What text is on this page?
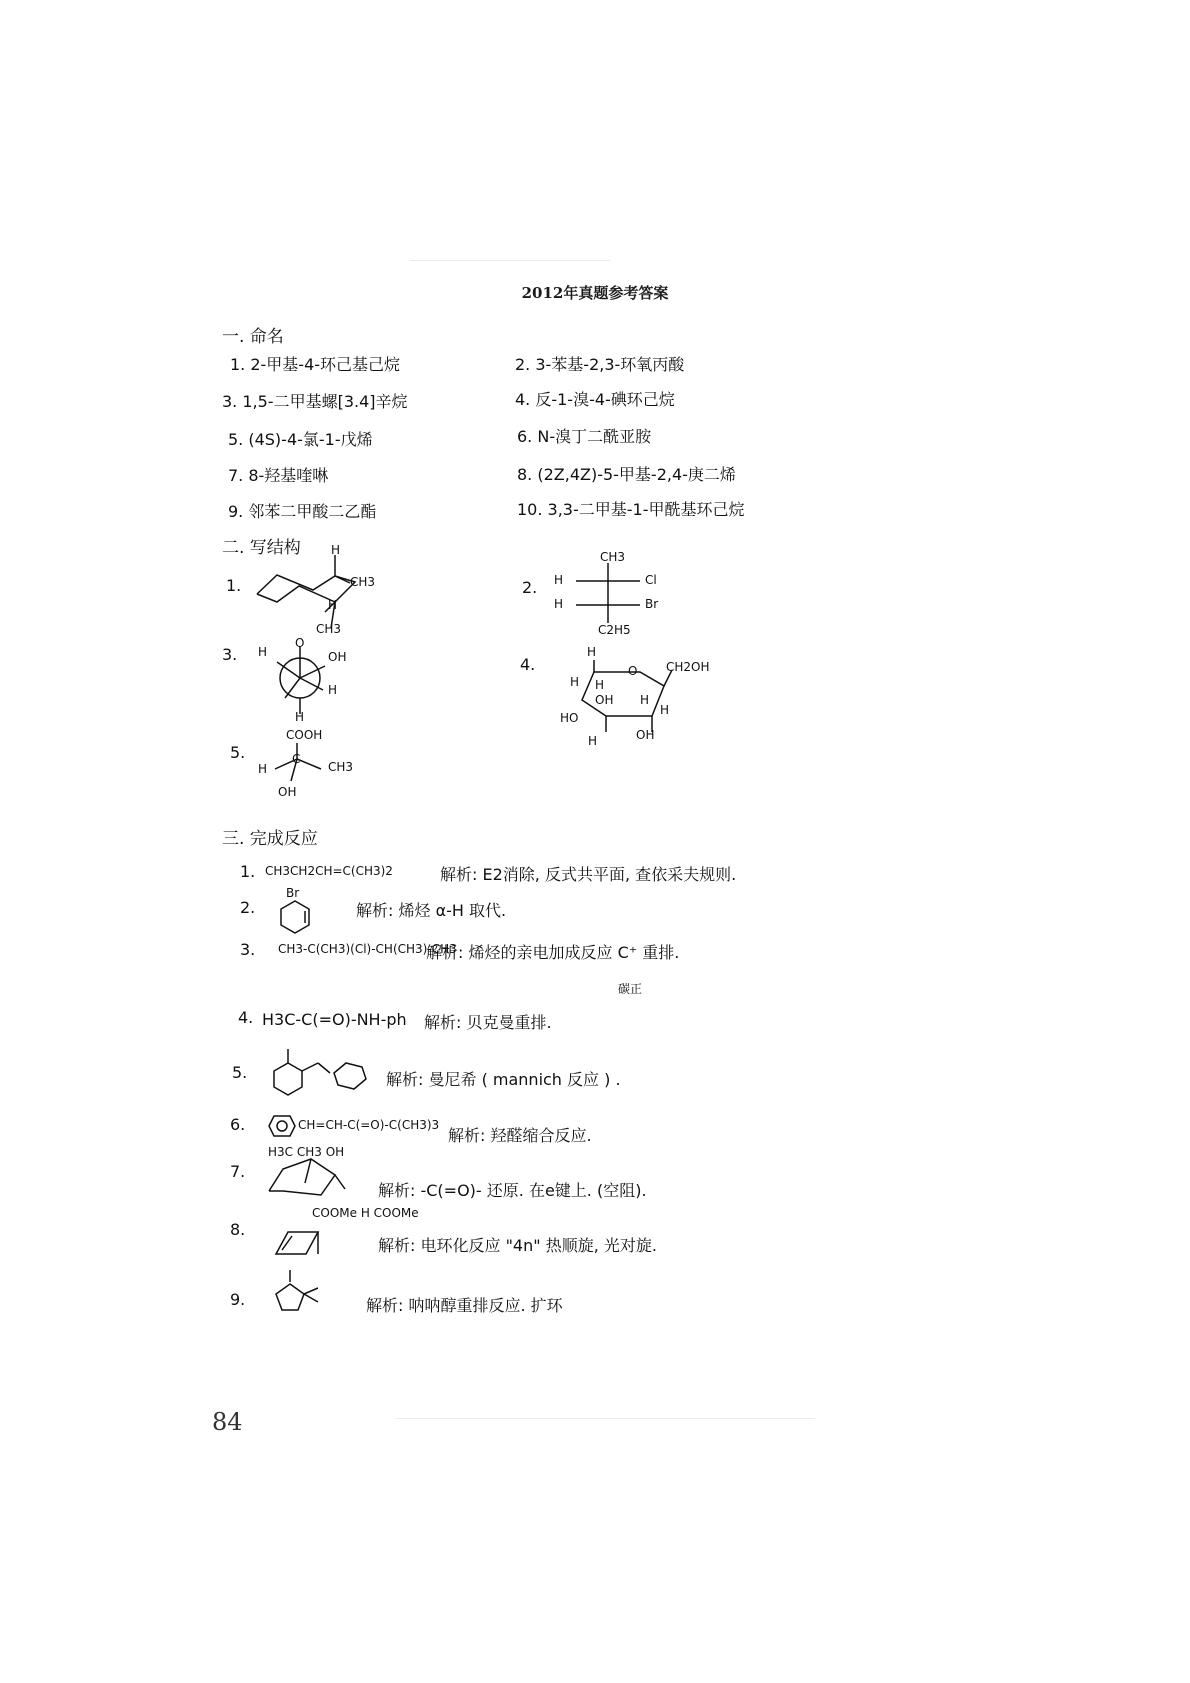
2012年真题参考答案
一. 命名
1. 2-甲基-4-环己基己烷	2. 3-苯基-2,3-环氧丙酸
3. 1,5-二甲基螺[3.4]辛烷	4. 反-1-溴-4-碘环己烷
5. (4S)-4-氯-1-戊烯	6. N-溴丁二酰亚胺
7. 8-羟基喹啉	8. (2Z,4Z)-5-甲基-2,4-庚二烯
9. 邻苯二甲酸二乙酯	10. 3,3-二甲基-1-甲酰基环己烷
二. 写结构
1.
H
CH3
H
CH3
2.
CH3
H	Cl
H	Br
C2H5
3. H
O
OH
H
H
4.
H
O CH2OH
H H
OH H
H
HO
H	OH
5.
COOH
H
C
CH3
OH
三. 完成反应
1. CH3CH2CH=C(CH3)2	解析: E2消除, 反式共平面, 查依采夫规则.
2.
Br
解析: 烯烃 α-H 取代.
3. CH3-C(CH3)(Cl)-CH(CH3)-CH3
解析: 烯烃的亲电加成反应 C⁺ 重排.
碳正
4. H3C-C(=O)-NH-ph 解析: 贝克曼重排.
5.	解析: 曼尼希 ( mannich 反应 ) .
6.	CH=CH-C(=O)-C(CH3)3
解析: 羟醛缩合反应.
7.
H3C CH3 OH
解析: -C(=O)- 还原. 在e键上. (空阻).
8.
COOMe H COOMe
解析: 电环化反应 "4n" 热顺旋, 光对旋.
9.	解析: 呐呐醇重排反应. 扩环
84
